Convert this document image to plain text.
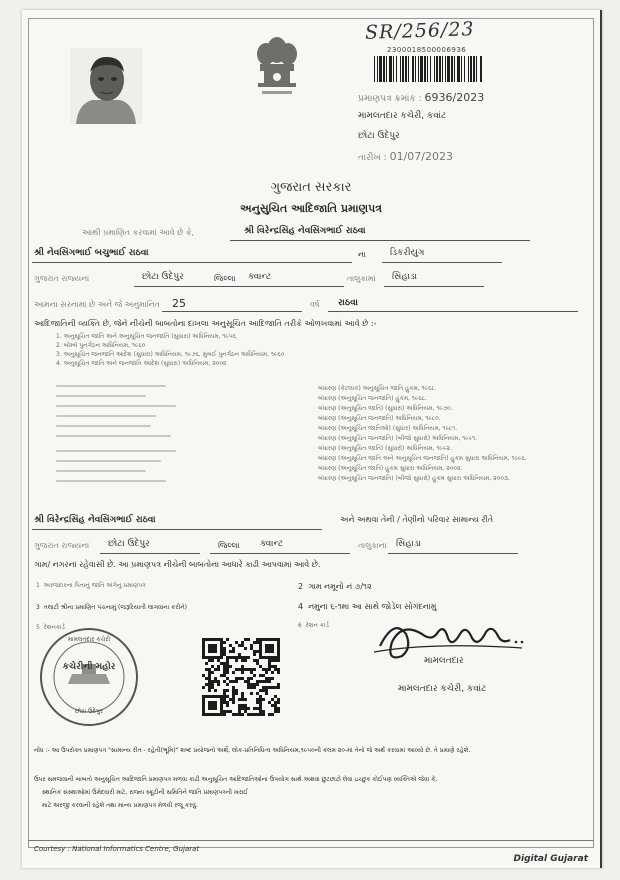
SR/256/23
2300018500006936
પ્રમાણપત્ર ક્રમાંક : 6936/2023
મામલતદાર કચેરી, કવાંટ
છોટા ઉદેપુર
તારીખ : 01/07/2023
ગુજરાત સરકાર
અનુસુચિત આદિજાતિ પ્રમાણપત્ર
આથી પ્રમાણિત કરવામાં આવે છે કે,	શ્રી વિરેન્દ્રસિંહ નેવસિંગભાઈ રાઠવા
શ્રી નેવસિંગભાઈ બચુભાઈ રાઠવા	ના	ડિકરીયુગ
ગુજરાત રાજ્યના	છોટા ઉદેપુર	જિલ્લા ક્વાન્ટ	તાલુકામાં સિંહાડા
આમના સરનામાં છે અને જે અનુમાનિત 25	વર્ષ રાઠવા
આદિજાતિની વ્યક્તિ છે, જેને નીચેની બાબતોના દાખલા અનુસૂચિત આદિજાતિ તરીકે ઓળખવામાં આવે છે :-
1. અનુસૂચિત જાતિ અને અનુસૂચિત જનજાતિ (સુધારા) અધિનિયમ, ૧૯૫૬
2. બોમ્બે પુનર્ગઠન અધિનિયમ, ૧૯૬૦
3. અનુસૂચિત જનજાતિ આદેશ (સુધારા) અધિનિયમ, ૧૯૭૬, મુંબઈ પુનર્ગઠન અધિનિયમ, ૧૯૬૦
4. અનુસૂચિત જાતિ અને જનજાતિ આદેશ (સુધારા) અધિનિયમ, ૨૦૦૨
બંધારણ (કેટલાક) અનુસૂચિત જાતિ હુકમ, ૧૯૬૮.
બંધારણ (અનુસૂચિત જનજાતિ) હુકમ, ૧૯૬૮.
બંધારણ (અનુસૂચિત જાતિ) (સુધારા) અધિનિયમ, ૧૯૭૦.
બંધારણ (અનુસૂચિત જનજાતિ) અધિનિયમ, ૧૯૮૦.
બંધારણ (અનુસૂચિત જાતિઓ) (સુધાર) અધિનિયમ, ૧૯૮૧.
બંધારણ (અનુસૂચિત જનજાતિ) (બીજો સુધારો) અધિનિયમ, ૧૯૯૧.
બંધારણ (અનુસૂચિત જાતિ) (સુધારો) અધિનિયમ, ૧૯૯૨.
બંધારણ (અનુસૂચિત જાતિ અને અનુસૂચિત જનજાતિ) હુકમ સુધારા અધિનિયમ, ૧૯૯૬.
બંધારણ (અનુસૂચિત જાતિ) હુકમ સુધારા અધિનિયમ, ૨૦૦૨.
બંધારણ (અનુસૂચિત જનજાતિ) (બીજો સુધારો) હુકમ સુધારા અધિનિયમ, ૨૦૦૩.
શ્રી વિરેન્દ્રસિંહ નેવસિંગભાઈ રાઠવા	અને અથવા તેની / તેણીનો પરિવાર સામાન્ય રીતે
ગુજરાત રાજ્યના છોટા ઉદેપુર	જિલ્લા ક્વાન્ટ	તાલુકાના સિંહાડા
ગામ/ નગરનાં રહેવાસી છે. આ પ્રમાણપત્ર નીચેની બાબતોના આધારે કાઢી આપવામાં આવે છે.
1 અરજદારના પિતાનું જાતિ અંગેનું પ્રમાણપત્ર	2 ગામ નમૂનો નં ૭/૧૨
3 તલાટી શ્રીના પ્રમાણિત પંચનામું (જરૂરિયાતી લાગવાના કરીને)	4 નમુના ૬-૧મા આ સાથે જોડેલ સોગંદનામું
5 રેશનકાર્ડ	6 રેશન કાર્ડ
મામલતદાર કચેરી
કચેરીની મહોર
છોટા ઉદેપુર
મામલતદાર
મામલતદાર કચેરી, કવાંટ
નોંધ :- આ ઉપરોક્ત પ્રમાણપત્ર "સામાન્ય રીત - રહેતી(ભૂમિ)" શબ્દ પ્રયોજનો અર્થે, લોક-પ્રતિનિધિત્વ અધિનિયમ,૧૯૫૦ની કલમ ૨૦-માં તેનો જે અર્થ કરવામાં આવ્યો છે. તે પ્રમાણે રહેશે.
ઉપર સમજવાની બાબતો અનુસૂચિત આદિજાતિ પ્રમાણપત્ર મળવા કાઢી અનુસૂચિત આદિજાતિઓના ઉપયોગ સાથે અથવા છુટછાટો લેવા ઇચ્છુક કોઈપણ વ્યક્તિએ જેવા કે,
સ્થાનિક સંસ્થાઓમાં ઉમેદવારી માટે, રાજ્ય સ્ક્રૂટીની સમિતિને જાતિ પ્રમાણપત્રની ખરાઈ
માટે અરજી કરવાની રહેશે તથા માન્ય પ્રમાણપત્ર મેળવી રજૂ કરવું.
Courtesy : National Informatics Centre, Gujarat
Digital Gujarat
